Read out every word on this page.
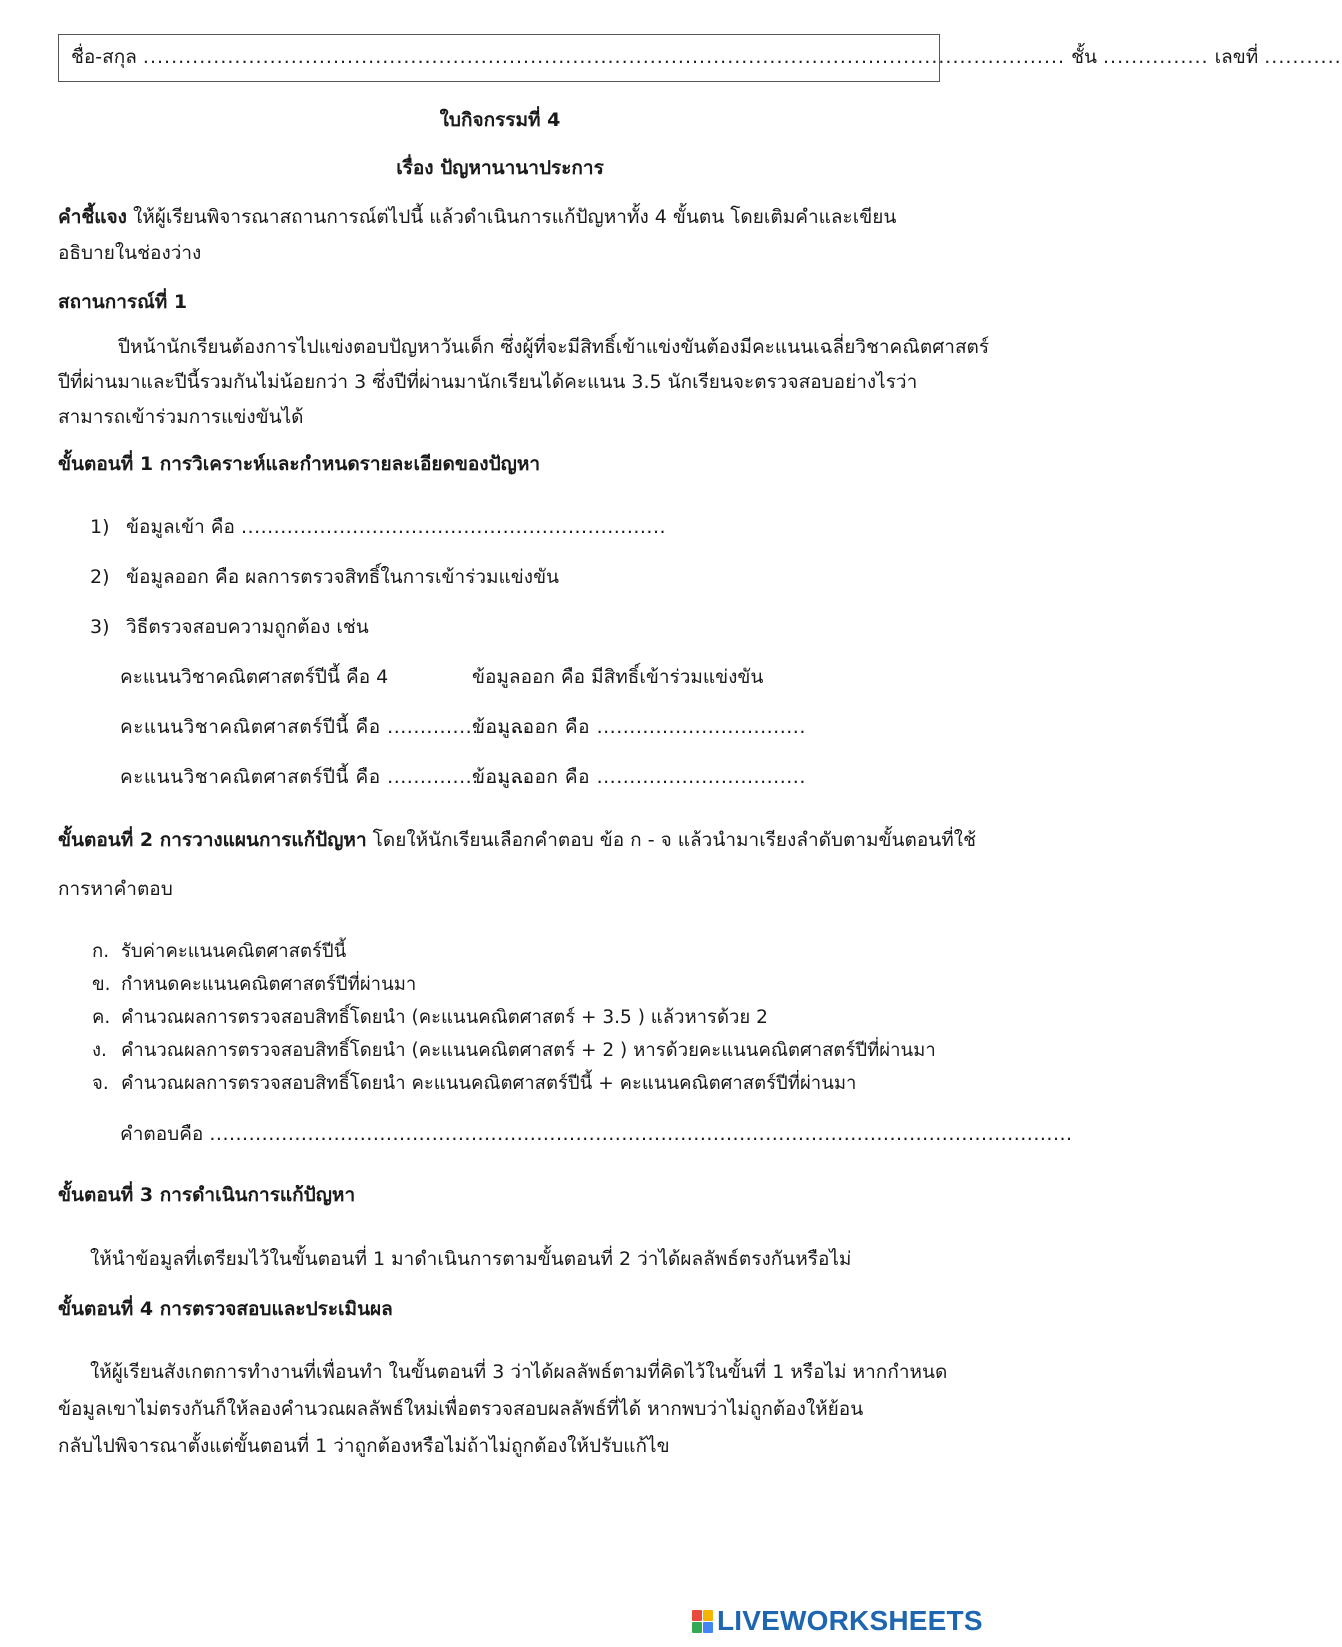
ชื่อ-สกุล ................................................................................................................................... ชั้น ............... เลขที่ ...........
ใบกิจกรรมที่ 4
เรื่อง ปัญหานานาประการ
คำชี้แจง ให้ผู้เรียนพิจารณาสถานการณ์ต่ไปนี้ แล้วดำเนินการแก้ปัญหาทั้ง 4 ขั้นตน โดยเติมคำและเขียน
อธิบายในช่องว่าง
สถานการณ์ที่ 1
ปีหน้านักเรียนต้องการไปแข่งตอบปัญหาวันเด็ก ซึ่งผู้ที่จะมีสิทธิ์เข้าแข่งขันต้องมีคะแนนเฉลี่ยวิชาคณิตศาสตร์
ปีที่ผ่านมาและปีนี้รวมกันไม่น้อยกว่า 3 ซึ่งปีที่ผ่านมานักเรียนได้คะแนน 3.5 นักเรียนจะตรวจสอบอย่างไรว่า
สามารถเข้าร่วมการแข่งขันได้
ขั้นตอนที่ 1 การวิเคราะห์และกำหนดรายละเอียดของปัญหา
1) ข้อมูลเข้า คือ .................................................................
2) ข้อมูลออก คือ ผลการตรวจสิทธิ์ในการเข้าร่วมแข่งขัน
3) วิธีตรวจสอบความถูกต้อง เช่น
คะแนนวิชาคณิตศาสตร์ปีนี้ คือ 4	ข้อมูลออก คือ มีสิทธิ์เข้าร่วมแข่งขัน
คะแนนวิชาคณิตศาสตร์ปีนี้ คือ ......................
ข้อมูลออก คือ ................................
คะแนนวิชาคณิตศาสตร์ปีนี้ คือ ......................
ข้อมูลออก คือ ................................
ขั้นตอนที่ 2 การวางแผนการแก้ปัญหา โดยให้นักเรียนเลือกคำตอบ ข้อ ก - จ แล้วนำมาเรียงลำดับตามขั้นตอนที่ใช้
การหาคำตอบ
ก. รับค่าคะแนนคณิตศาสตร์ปีนี้
ข. กำหนดคะแนนคณิตศาสตร์ปีที่ผ่านมา
ค. คำนวณผลการตรวจสอบสิทธิ์โดยนำ (คะแนนคณิตศาสตร์ + 3.5 ) แล้วหารด้วย 2
ง. คำนวณผลการตรวจสอบสิทธิ์โดยนำ (คะแนนคณิตศาสตร์ + 2 ) หารด้วยคะแนนคณิตศาสตร์ปีที่ผ่านมา
จ. คำนวณผลการตรวจสอบสิทธิ์โดยนำ คะแนนคณิตศาสตร์ปีนี้ + คะแนนคณิตศาสตร์ปีที่ผ่านมา
คำตอบคือ ....................................................................................................................................
ขั้นตอนที่ 3 การดำเนินการแก้ปัญหา
ให้นำข้อมูลที่เตรียมไว้ในขั้นตอนที่ 1 มาดำเนินการตามขั้นตอนที่ 2 ว่าได้ผลลัพธ์ตรงกันหรือไม่
ขั้นตอนที่ 4 การตรวจสอบและประเมินผล
ให้ผู้เรียนสังเกตการทำงานที่เพื่อนทำ ในขั้นตอนที่ 3 ว่าได้ผลลัพธ์ตามที่คิดไว้ในขั้นที่ 1 หรือไม่ หากกำหนด
ข้อมูลเขาไม่ตรงกันก็ให้ลองคำนวณผลลัพธ์ใหม่เพื่อตรวจสอบผลลัพธ์ที่ได้ หากพบว่าไม่ถูกต้องให้ย้อน
กลับไปพิจารณาตั้งแต่ขั้นตอนที่ 1 ว่าถูกต้องหรือไม่ถ้าไม่ถูกต้องให้ปรับแก้ไข
LIVEWORKSHEETS
